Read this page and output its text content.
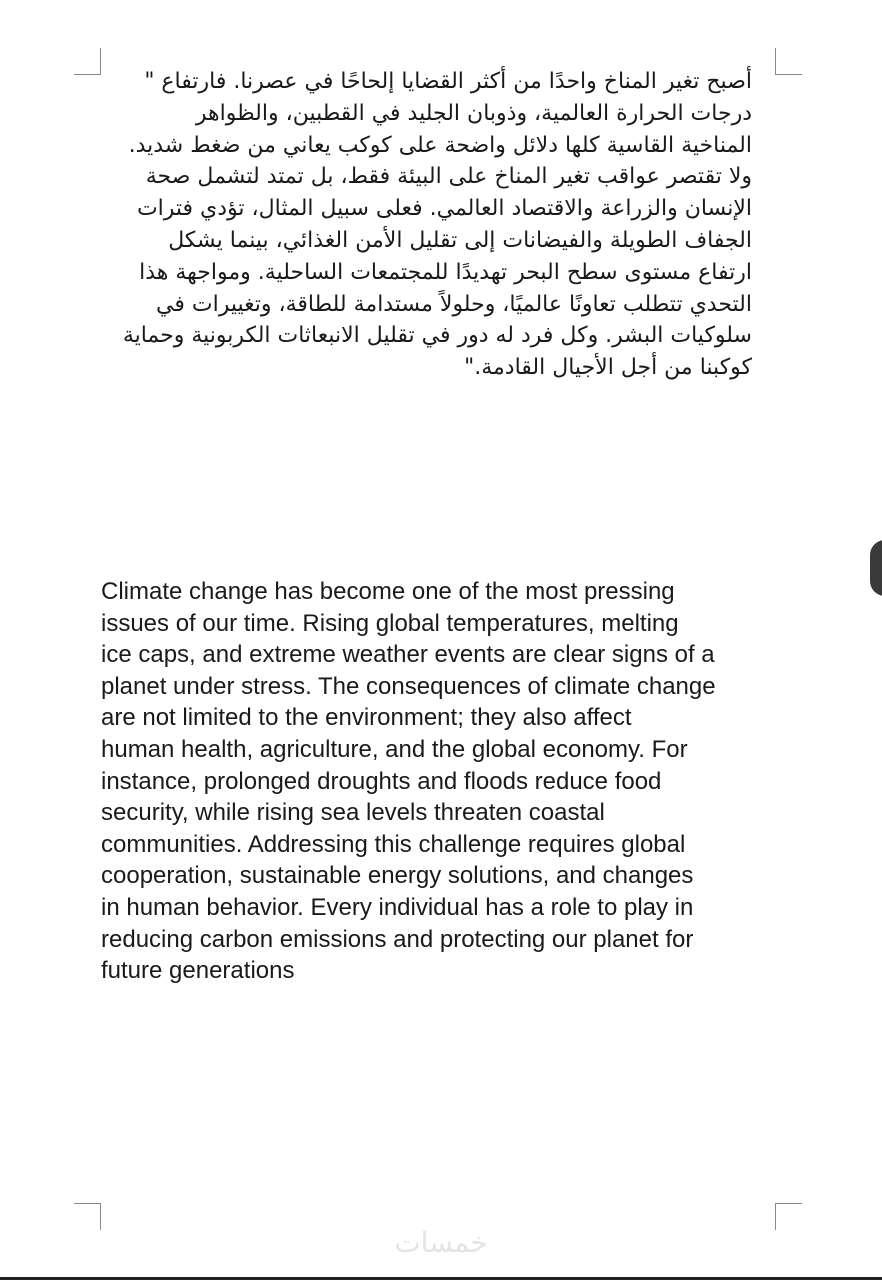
أصبح تغير المناخ واحدًا من أكثر القضايا إلحاحًا في عصرنا. فارتفاع "
درجات الحرارة العالمية، وذوبان الجليد في القطبين، والظواهر
المناخية القاسية كلها دلائل واضحة على كوكب يعاني من ضغط شديد.
ولا تقتصر عواقب تغير المناخ على البيئة فقط، بل تمتد لتشمل صحة
الإنسان والزراعة والاقتصاد العالمي. فعلى سبيل المثال، تؤدي فترات
الجفاف الطويلة والفيضانات إلى تقليل الأمن الغذائي، بينما يشكل
ارتفاع مستوى سطح البحر تهديدًا للمجتمعات الساحلية. ومواجهة هذا
التحدي تتطلب تعاونًا عالميًا، وحلولاً مستدامة للطاقة، وتغييرات في
سلوكيات البشر. وكل فرد له دور في تقليل الانبعاثات الكربونية وحماية
كوكبنا من أجل الأجيال القادمة."
Climate change has become one of the most pressing
issues of our time. Rising global temperatures, melting
ice caps, and extreme weather events are clear signs of a
planet under stress. The consequences of climate change
are not limited to the environment; they also affect
human health, agriculture, and the global economy. For
instance, prolonged droughts and floods reduce food
security, while rising sea levels threaten coastal
communities. Addressing this challenge requires global
cooperation, sustainable energy solutions, and changes
in human behavior. Every individual has a role to play in
reducing carbon emissions and protecting our planet for
future generations
خمسات
